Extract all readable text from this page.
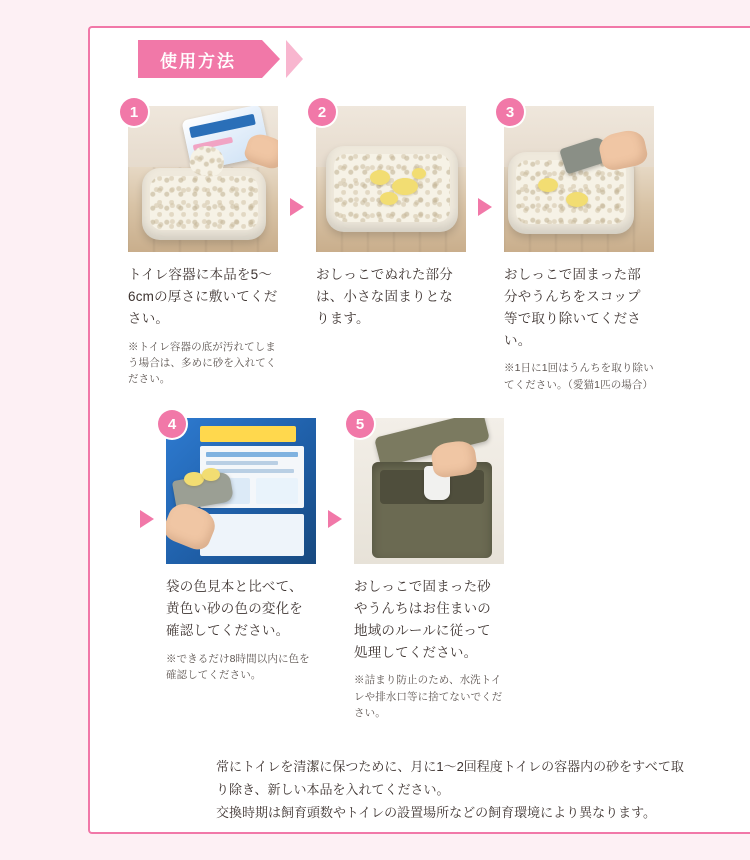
使用方法
1
トイレ容器に本品を5〜6cmの厚さに敷いてください。
※トイレ容器の底が汚れてしまう場合は、多めに砂を入れてください。
2
おしっこでぬれた部分は、小さな固まりとなります。
3
おしっこで固まった部分やうんちをスコップ等で取り除いてください。
※1日に1回はうんちを取り除いてください。（愛猫1匹の場合）
4
袋の色見本と比べて、黄色い砂の色の変化を確認してください。
※できるだけ8時間以内に色を確認してください。
5
おしっこで固まった砂やうんちはお住まいの地域のルールに従って処理してください。
※詰まり防止のため、水洗トイレや排水口等に捨てないでください。

常にトイレを清潔に保つために、月に1〜2回程度トイレの容器内の砂をすべて取り除き、新しい本品を入れてください。

交換時期は飼育頭数やトイレの設置場所などの飼育環境により異なります。
